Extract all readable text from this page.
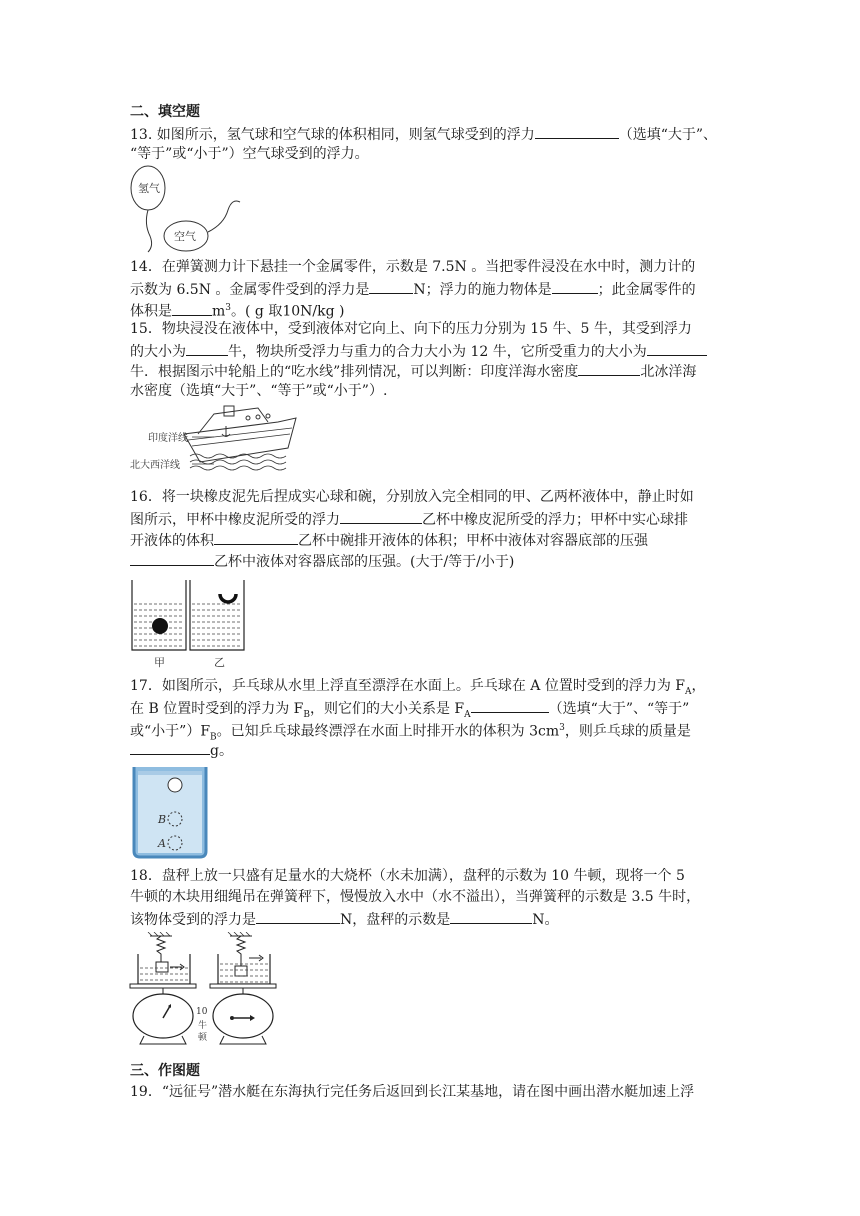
二、填空题
13. 如图所示，氢气球和空气球的体积相同，则氢气球受到的浮力	（选填“大于”、
“等于”或“小于”）空气球受到的浮力。
氢气
空气
14．在弹簧测力计下悬挂一个金属零件，示数是 7.5N 。当把零件浸没在水中时，测力计的
示数为 6.5N 。金属零件受到的浮力是	N；浮力的施力物体是	；此金属零件的
体积是	$m^3$。( g 取10N/kg )
15．物块浸没在液体中，受到液体对它向上、向下的压力分别为 15 牛、5 牛，其受到浮力
的大小为	牛，物块所受浮力与重力的合力大小为 12 牛，它所受重力的大小为
牛．根据图示中轮船上的“吃水线”排列情况，可以判断：印度洋海水密度	北冰洋海
水密度（选填“大于”、“等于”或“小于”）.
印度洋线
北大西洋线
16．将一块橡皮泥先后捏成实心球和碗，分别放入完全相同的甲、乙两杯液体中，静止时如
图所示，甲杯中橡皮泥所受的浮力	乙杯中橡皮泥所受的浮力；甲杯中实心球排
开液体的体积	乙杯中碗排开液体的体积；甲杯中液体对容器底部的压强
乙杯中液体对容器底部的压强。(大于/等于/小于)
甲	乙
17．如图所示，乒乓球从水里上浮直至漂浮在水面上。乒乓球在 A 位置时受到的浮力为 $F_A$，
在 B 位置时受到的浮力为 $F_B$，则它们的大小关系是 $F_A$	（选填“大于”、“等于”
或“小于$”)F_B$。已知乒乓球最终漂浮在水面上时排开水的体积为 $3cm^3$，则乒乓球的质量是
g。
B
A
18．盘秤上放一只盛有足量水的大烧杯（水未加满），盘秤的示数为 10 牛顿，现将一个 5
牛顿的木块用细绳吊在弹簧秤下，慢慢放入水中（水不溢出），当弹簧秤的示数是 3.5 牛时，
该物体受到的浮力是	N，盘秤的示数是	N。
10
牛
顿
三、作图题
19．“远征号”潜水艇在东海执行完任务后返回到长江某基地，请在图中画出潜水艇加速上浮
